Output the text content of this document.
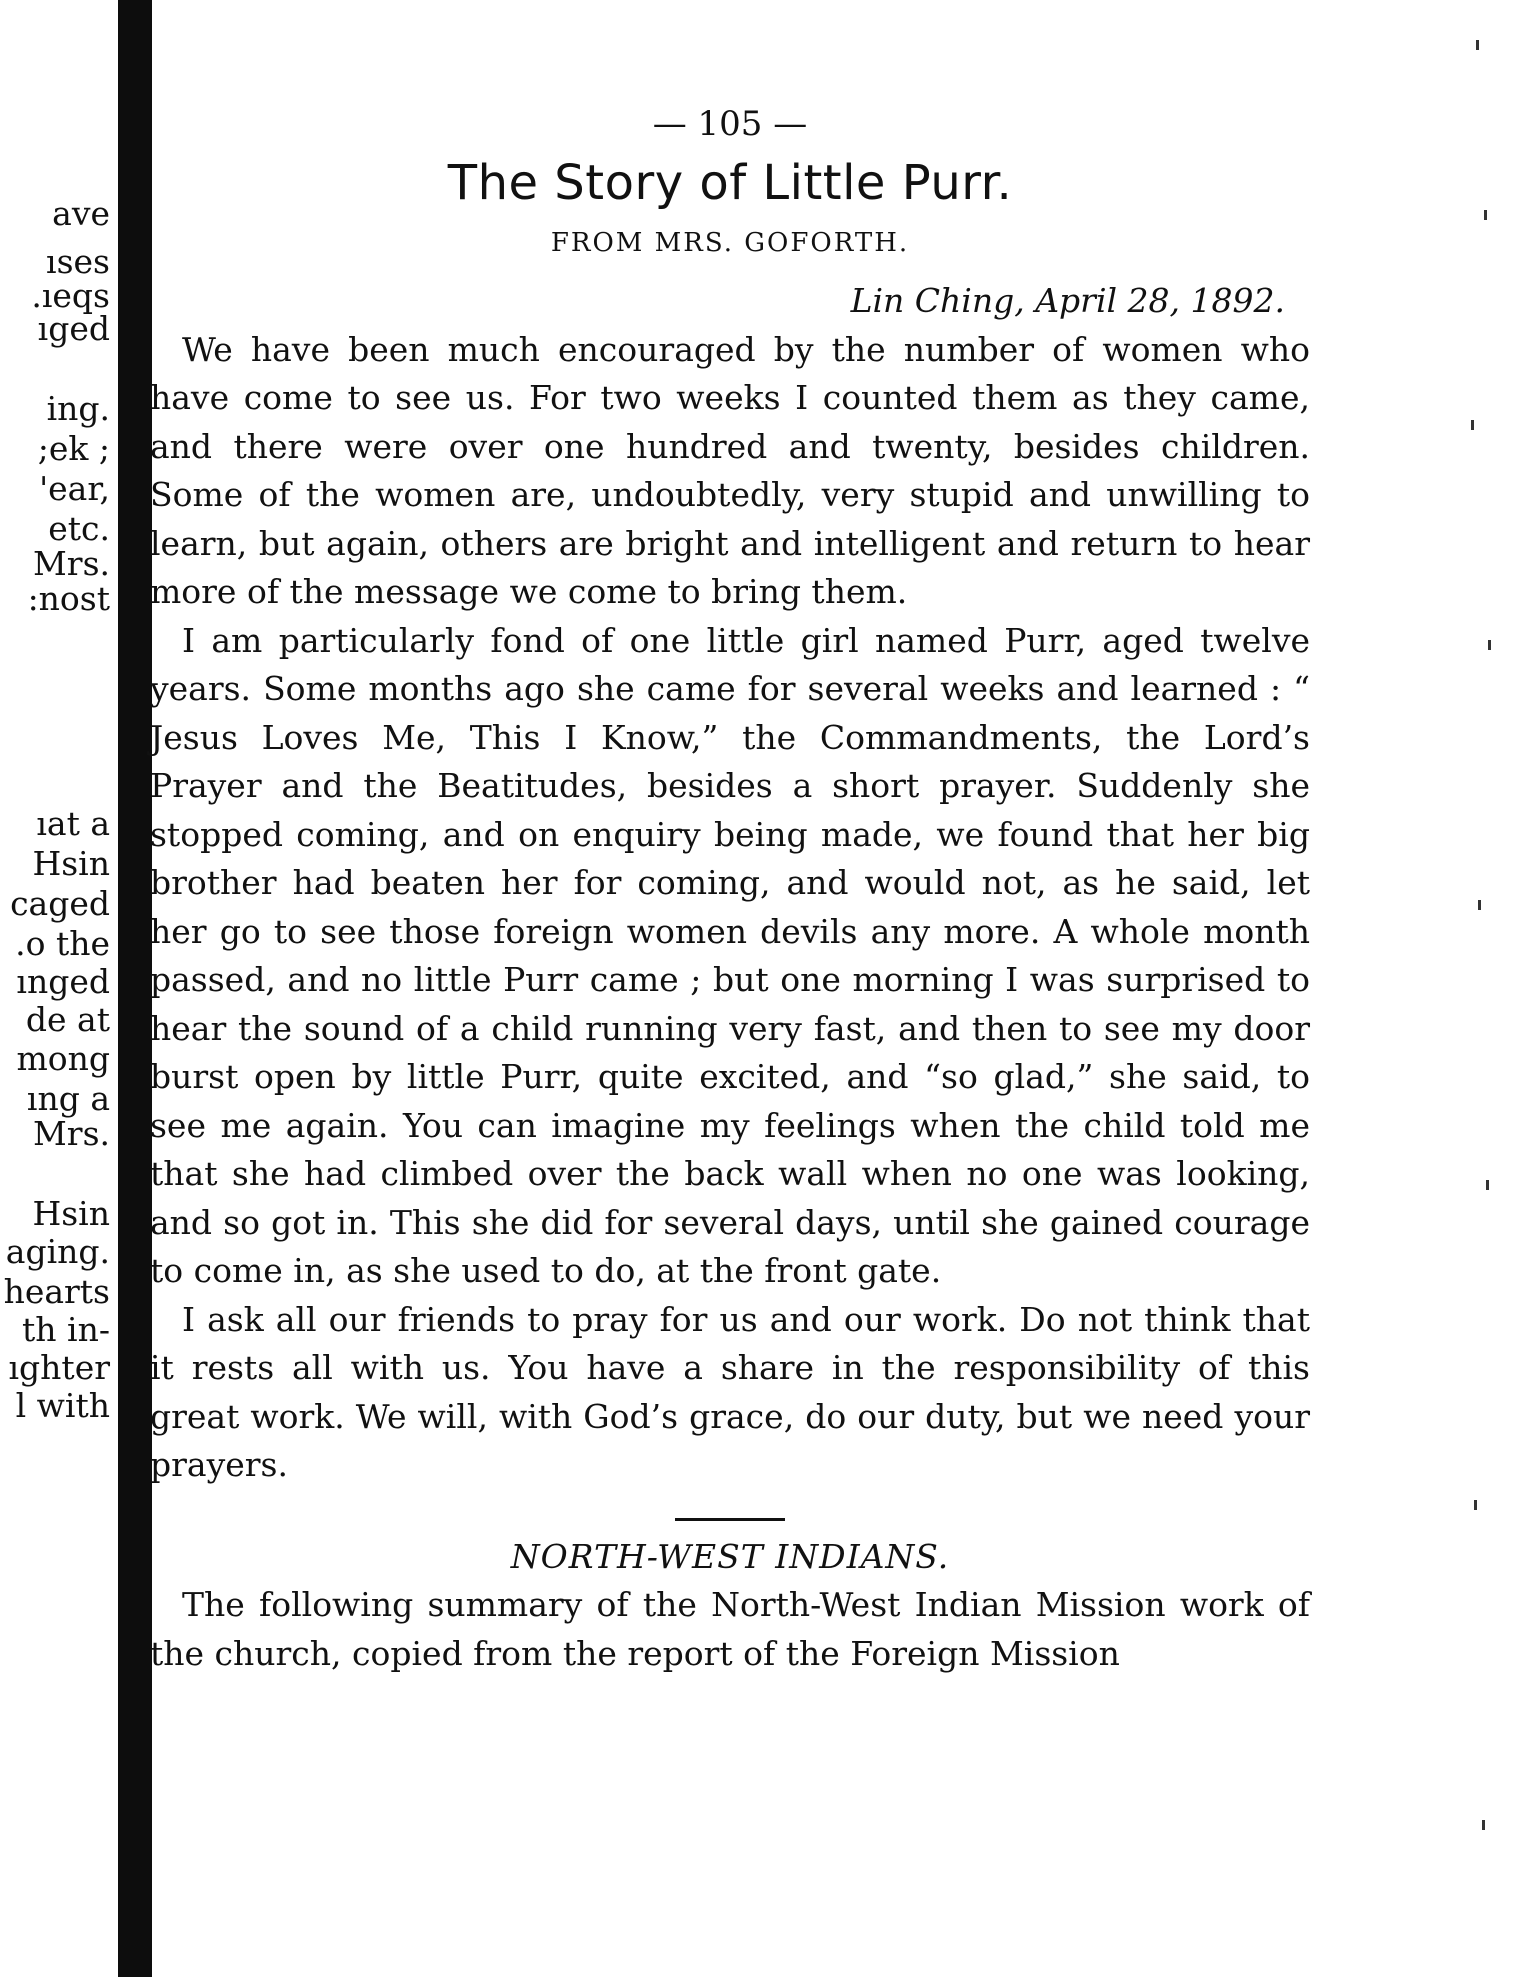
ave
ıses
.ıeqs
ıged
ing.
;ek ;
'ear,
etc.
Mrs.
:nost
ıat a
Hsin
caged
.o the
ınged
de at
mong
ıng a
Mrs.
Hsin
aging.
hearts
th in-
ıghter
l with

— 105 —

The Story of Little Purr.

FROM MRS. GOFORTH.

Lin Ching, April 28, 1892.

We have been much encouraged by the number of women who have come to see us. For two weeks I counted them as they came, and there were over one hundred and twenty, besides children. Some of the women are, undoubtedly, very stupid and unwilling to learn, but again, others are bright and intelligent and return to hear more of the message we come to bring them.

I am particularly fond of one little girl named Purr, aged twelve years. Some months ago she came for several weeks and learned : “ Jesus Loves Me, This I Know,” the Commandments, the Lord’s Prayer and the Beatitudes, besides a short prayer. Suddenly she stopped coming, and on enquiry being made, we found that her big brother had beaten her for coming, and would not, as he said, let her go to see those foreign women devils any more. A whole month passed, and no little Purr came ; but one morning I was surprised to hear the sound of a child running very fast, and then to see my door burst open by little Purr, quite excited, and “so glad,” she said, to see me again. You can imagine my feelings when the child told me that she had climbed over the back wall when no one was looking, and so got in. This she did for several days, until she gained courage to come in, as she used to do, at the front gate.

I ask all our friends to pray for us and our work. Do not think that it rests all with us. You have a share in the responsibility of this great work. We will, with God’s grace, do our duty, but we need your prayers.

NORTH-WEST INDIANS.

The following summary of the North-West Indian Mission work of the church, copied from the report of the Foreign Mission
